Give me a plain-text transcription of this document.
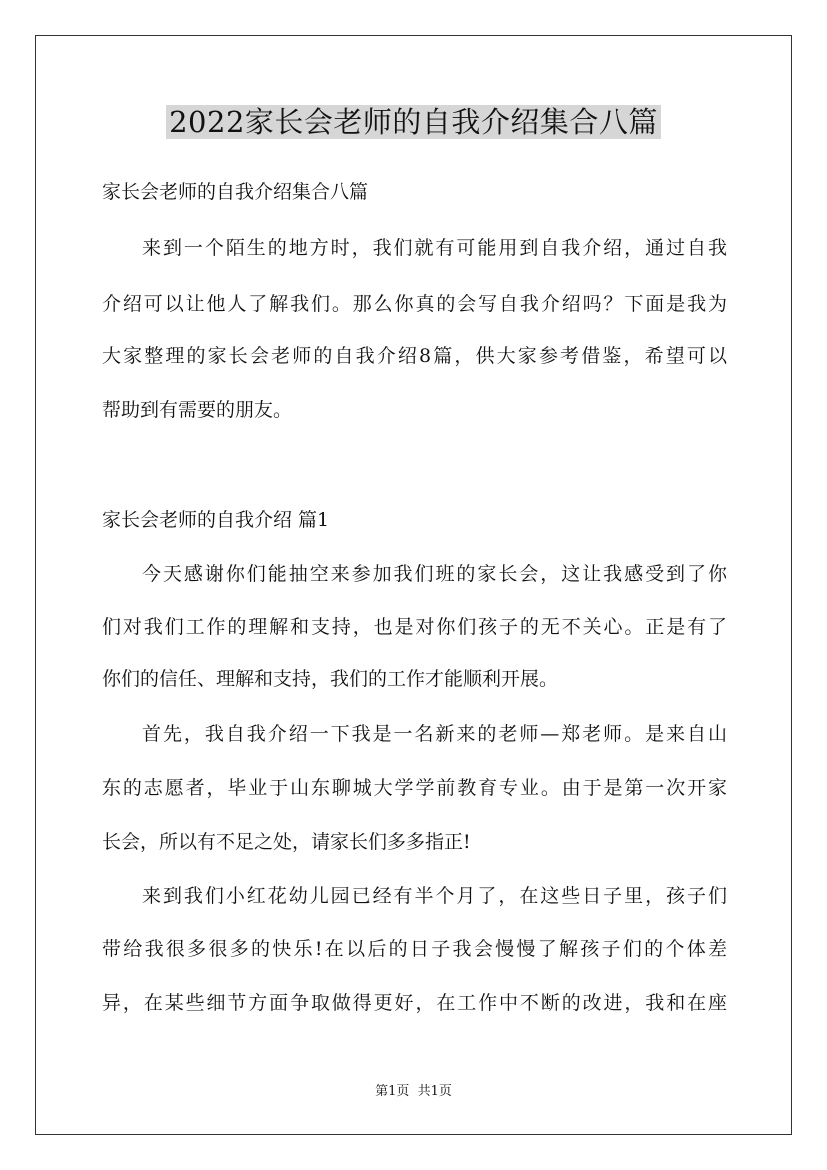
2022家长会老师的自我介绍集合八篇
家长会老师的自我介绍集合八篇
来到一个陌生的地方时，我们就有可能用到自我介绍，通过自我
介绍可以让他人了解我们。那么你真的会写自我介绍吗？下面是我为
大家整理的家长会老师的自我介绍8篇，供大家参考借鉴，希望可以
帮助到有需要的朋友。
家长会老师的自我介绍 篇1
今天感谢你们能抽空来参加我们班的家长会，这让我感受到了你
们对我们工作的理解和支持，也是对你们孩子的无不关心。正是有了
你们的信任、理解和支持，我们的工作才能顺利开展。
首先，我自我介绍一下我是一名新来的老师—郑老师。是来自山
东的志愿者，毕业于山东聊城大学学前教育专业。由于是第一次开家
长会，所以有不足之处，请家长们多多指正!
来到我们小红花幼儿园已经有半个月了，在这些日子里，孩子们
带给我很多很多的快乐!在以后的日子我会慢慢了解孩子们的个体差
异，在某些细节方面争取做得更好，在工作中不断的改进，我和在座
第1页  共1页
